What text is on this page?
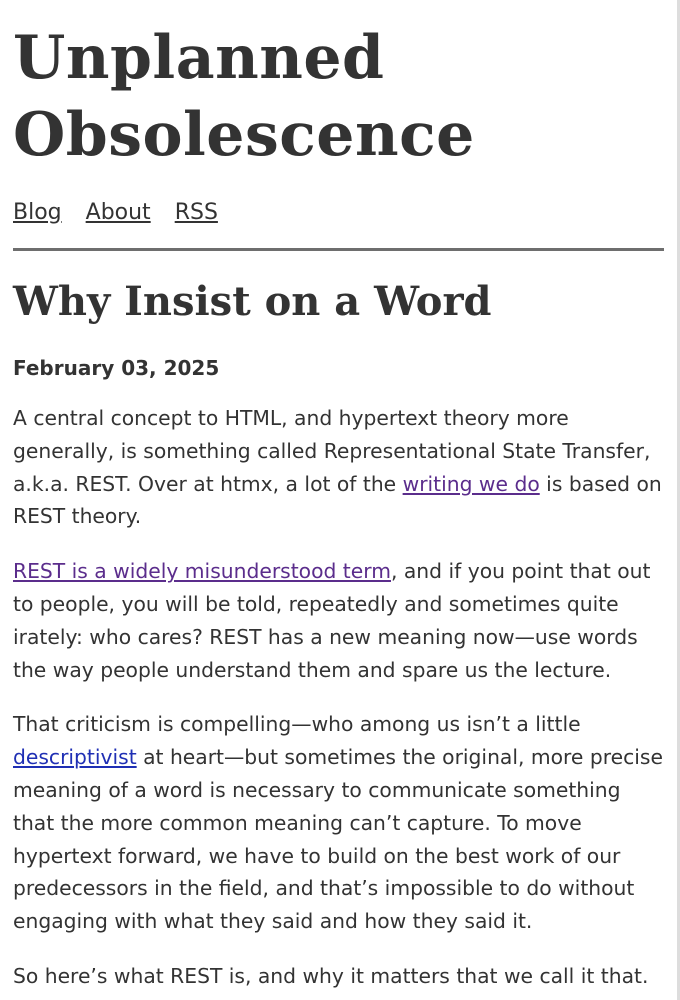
Unplanned
Obsolescence
Blog About RSS
Why Insist on a Word
February 03, 2025

A central concept to HTML, and hypertext theory more generally, is something called Representational State Transfer, a.k.a. REST. Over at htmx, a lot of the writing we do is based on REST theory.

REST is a widely misunderstood term, and if you point that out to people, you will be told, repeatedly and sometimes quite irately: who cares? REST has a new meaning now—use words the way people understand them and spare us the lecture.

That criticism is compelling—who among us isn’t a little descriptivist at heart—but sometimes the original, more precise meaning of a word is necessary to communicate something that the more common meaning can’t capture. To move hypertext forward, we have to build on the best work of our predecessors in the field, and that’s impossible to do without engaging with what they said and how they said it.

So here’s what REST is, and why it matters that we call it that.
